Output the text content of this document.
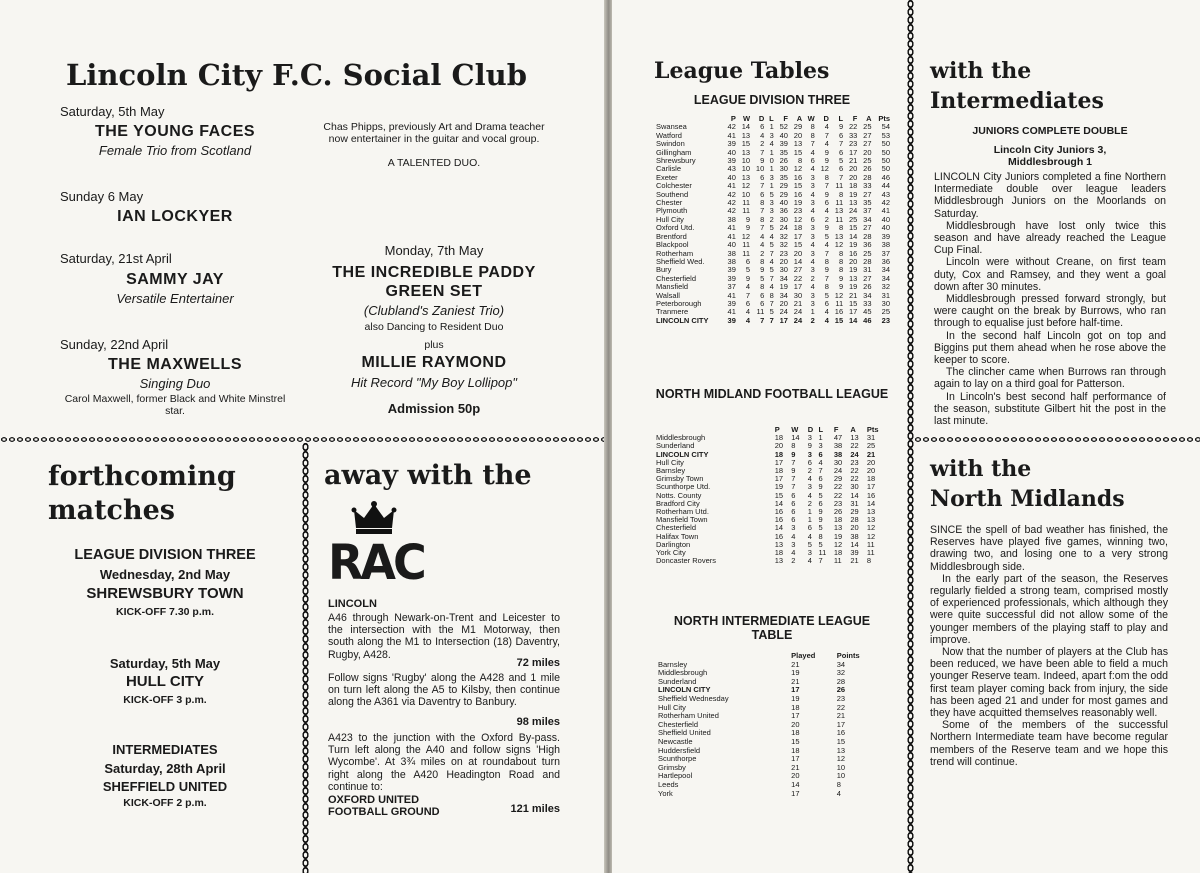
Lincoln City F.C. Social Club
Saturday, 5th May
THE YOUNG FACES
Female Trio from Scotland
Sunday 6 May
IAN LOCKYER
Saturday, 21st April
SAMMY JAY
Versatile Entertainer
Sunday, 22nd April
THE MAXWELLS
Singing Duo
Carol Maxwell, former Black and White Minstrel star.
Chas Phipps, previously Art and Drama teacher now entertainer in the guitar and vocal group.
A TALENTED DUO.
Monday, 7th May
THE INCREDIBLE PADDY GREEN SET
(Clubland's Zaniest Trio)
also Dancing to Resident Duo
plus
MILLIE RAYMOND
Hit Record "My Boy Lollipop"
Admission 50p
forthcoming matches
LEAGUE DIVISION THREE
Wednesday, 2nd May
SHREWSBURY TOWN
KICK-OFF 7.30 p.m.
Saturday, 5th May
HULL CITY
KICK-OFF 3 p.m.
INTERMEDIATES
Saturday, 28th April
SHEFFIELD UNITED
KICK-OFF 2 p.m.
away with the
RAC
LINCOLN
A46 through Newark-on-Trent and Leicester to the intersection with the M1 Motorway, then south along the M1 to Intersection (18) Daventry, Rugby, A428.
72 miles
Follow signs 'Rugby' along the A428 and 1 mile on turn left along the A5 to Kilsby, then continue along the A361 via Daventry to Banbury.
98 miles
A423 to the junction with the Oxford By-pass. Turn left along the A40 and follow signs 'High Wycombe'. At 3¾ miles on at roundabout turn right along the A420 Headington Road and continue to:
OXFORD UNITED FOOTBALL GROUND	121 miles
League Tables
LEAGUE DIVISION THREE
	P	W	D	L	F	A	W	D	L	F	A	Pts
Swansea	42	14	6	1	52	29	8	4	9	22	25	54
Watford	41	13	4	3	40	20	8	7	6	33	27	53
Swindon	39	15	2	4	39	13	7	4	7	23	27	50
Gillingham	40	13	7	1	35	15	4	9	6	17	20	50
Shrewsbury	39	10	9	0	26	8	6	9	5	21	25	50
Carlisle	43	10	10	1	30	12	4	12	6	20	26	50
Exeter	40	13	6	3	35	16	3	8	7	20	28	46
Colchester	41	12	7	1	29	15	3	7	11	18	33	44
Southend	42	10	6	5	29	16	4	9	8	19	27	43
Chester	42	11	8	3	40	19	3	6	11	13	35	42
Plymouth	42	11	7	3	36	23	4	4	13	24	37	41
Hull City	38	9	8	2	30	12	6	2	11	25	34	40
Oxford Utd.	41	9	7	5	24	18	3	9	8	15	27	40
Brentford	41	12	4	4	32	17	3	5	13	14	28	39
Blackpool	40	11	4	5	32	15	4	4	12	19	36	38
Rotherham	38	11	2	7	23	20	3	7	8	16	25	37
Sheffield Wed.	38	6	8	4	20	14	4	8	8	20	28	36
Bury	39	5	9	5	30	27	3	9	8	19	31	34
Chesterfield	39	9	5	7	34	22	2	7	9	13	27	34
Mansfield	37	4	8	4	19	17	4	8	9	19	26	32
Walsall	41	7	6	8	34	30	3	5	12	21	34	31
Peterborough	39	6	6	7	20	21	3	6	11	15	33	30
Tranmere	41	4	11	5	24	24	1	4	16	17	45	25
LINCOLN CITY	39	4	7	7	17	24	2	4	15	14	46	23
NORTH MIDLAND FOOTBALL LEAGUE
	P	W	D	L	F	A	Pts
Middlesbrough	18	14	3	1	47	13	31
Sunderland	20	8	9	3	38	22	25
LINCOLN CITY	18	9	3	6	38	24	21
Hull City	17	7	6	4	30	23	20
Barnsley	18	9	2	7	24	22	20
Grimsby Town	17	7	4	6	29	22	18
Scunthorpe Utd.	19	7	3	9	22	30	17
Notts. County	15	6	4	5	22	14	16
Bradford City	14	6	2	6	23	31	14
Rotherham Utd.	16	6	1	9	26	29	13
Mansfield Town	16	6	1	9	18	28	13
Chesterfield	14	3	6	5	13	20	12
Halifax Town	16	4	4	8	19	38	12
Darlington	13	3	5	5	12	14	11
York City	18	4	3	11	18	39	11
Doncaster Rovers	13	2	4	7	11	21	8
NORTH INTERMEDIATE LEAGUE TABLE
	Played	Points
Barnsley	21	34
Middlesbrough	19	32
Sunderland	21	28
LINCOLN CITY	17	26
Sheffield Wednesday	19	23
Hull City	18	22
Rotherham United	17	21
Chesterfield	20	17
Sheffield United	18	16
Newcastle	15	15
Huddersfield	18	13
Scunthorpe	17	12
Grimsby	21	10
Hartlepool	20	10
Leeds	14	8
York	17	4
with the
Intermediates
JUNIORS COMPLETE DOUBLE
Lincoln City Juniors 3,
Middlesbrough 1

LINCOLN City Juniors completed a fine Northern Intermediate double over league leaders Middlesbrough Juniors on the Moorlands on Saturday.

Middlesbrough have lost only twice this season and have already reached the League Cup Final.

Lincoln were without Creane, on first team duty, Cox and Ramsey, and they went a goal down after 30 minutes.

Middlesbrough pressed forward strongly, but were caught on the break by Burrows, who ran through to equalise just before half-time.

In the second half Lincoln got on top and Biggins put them ahead when he rose above the keeper to score.

The clincher came when Burrows ran through again to lay on a third goal for Patterson.

In Lincoln's best second half performance of the season, substitute Gilbert hit the post in the last minute.

with the
North Midlands

SINCE the spell of bad weather has finished, the Reserves have played five games, winning two, drawing two, and losing one to a very strong Middlesbrough side.

In the early part of the season, the Reserves regularly fielded a strong team, comprised mostly of experienced professionals, which although they were quite successful did not allow some of the younger members of the playing staff to play and improve.

Now that the number of players at the Club has been reduced, we have been able to field a much younger Reserve team. Indeed, apart f:om the odd first team player coming back from injury, the side has been aged 21 and under for most games and they have acquitted themselves reasonably well.

Some of the members of the successful Northern Intermediate team have become regular members of the Reserve team and we hope this trend will continue.
